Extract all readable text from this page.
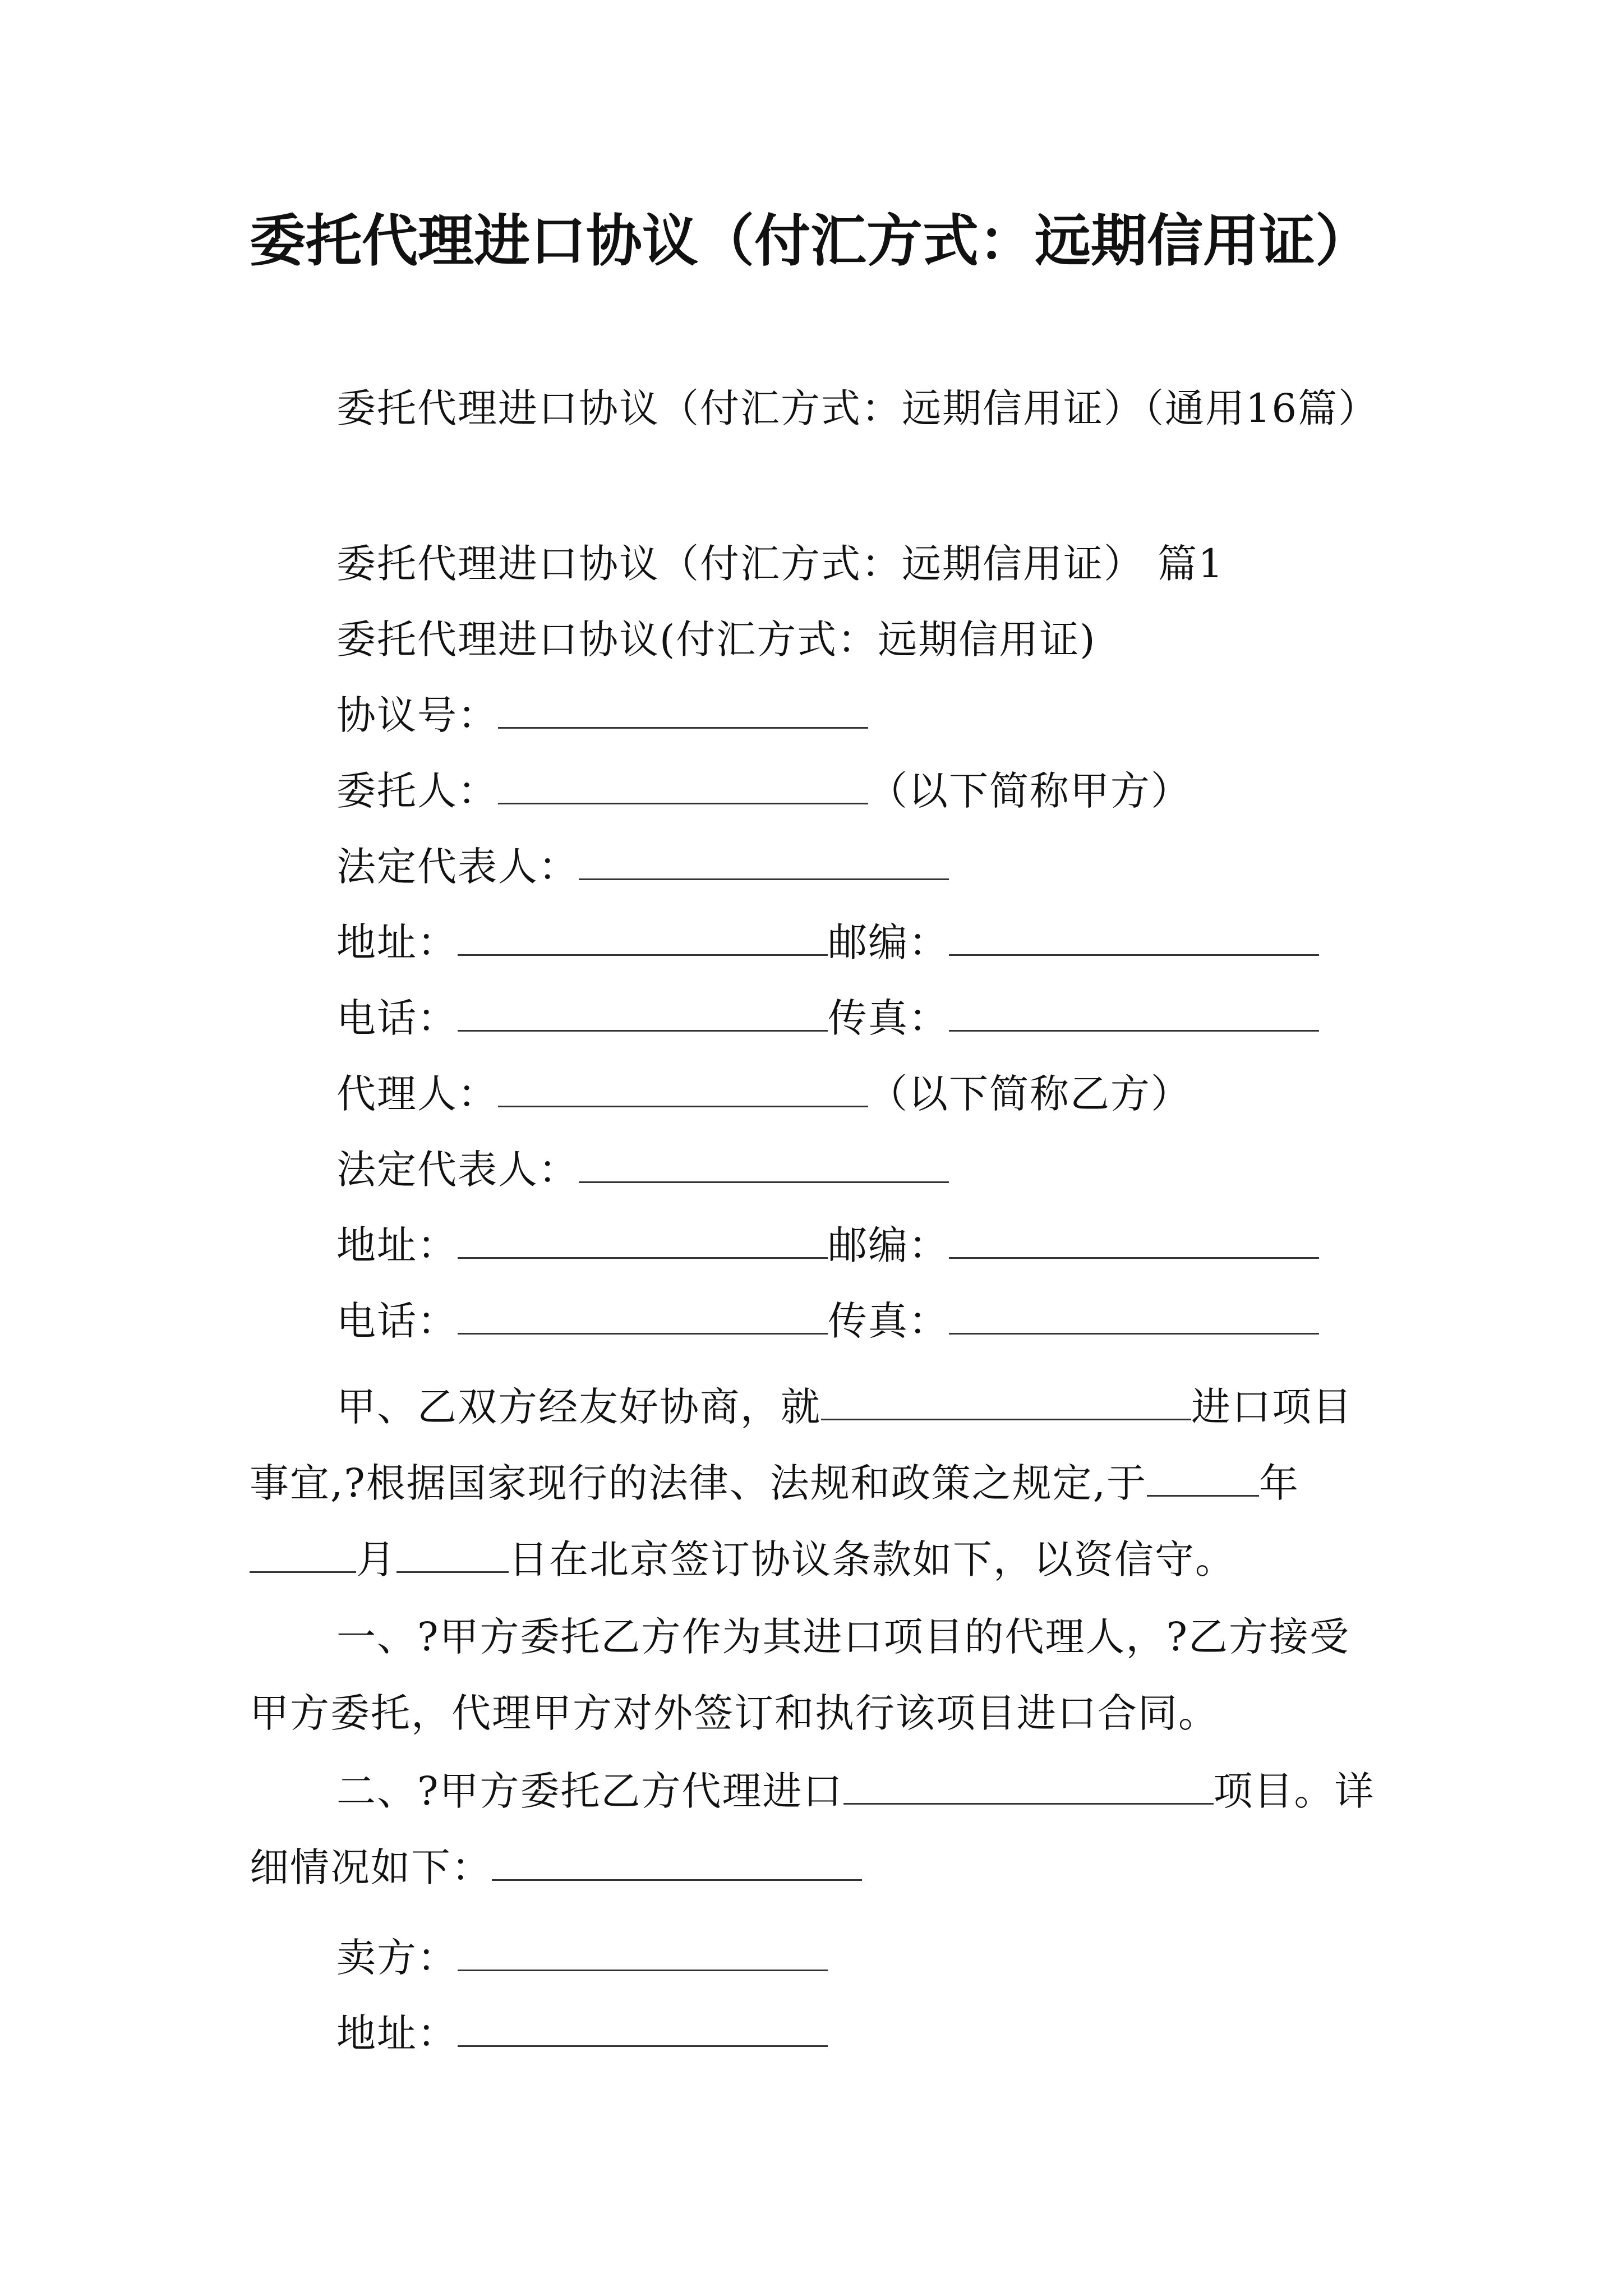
委托代理进口协议（付汇方式：远期信用证）
委托代理进口协议（付汇方式：远期信用证）（通用16篇）
委托代理进口协议（付汇方式：远期信用证） 篇1
委托代理进口协议(付汇方式：远期信用证)
协议号：
委托人：	（以下简称甲方）
法定代表人：
地址：	邮编：
电话：	传真：
代理人：	（以下简称乙方）
法定代表人：
地址：	邮编：
电话：	传真：
甲、乙双方经友好协商，就	进口项目事宜,?根据国家现行的法律、法规和政策之规定,于	年月	日在北京签订协议条款如下，以资信守。
一、?甲方委托乙方作为其进口项目的代理人，?乙方接受甲方委托，代理甲方对外签订和执行该项目进口合同。
二、?甲方委托乙方代理进口	项目。详细情况如下：
卖方：
地址：
